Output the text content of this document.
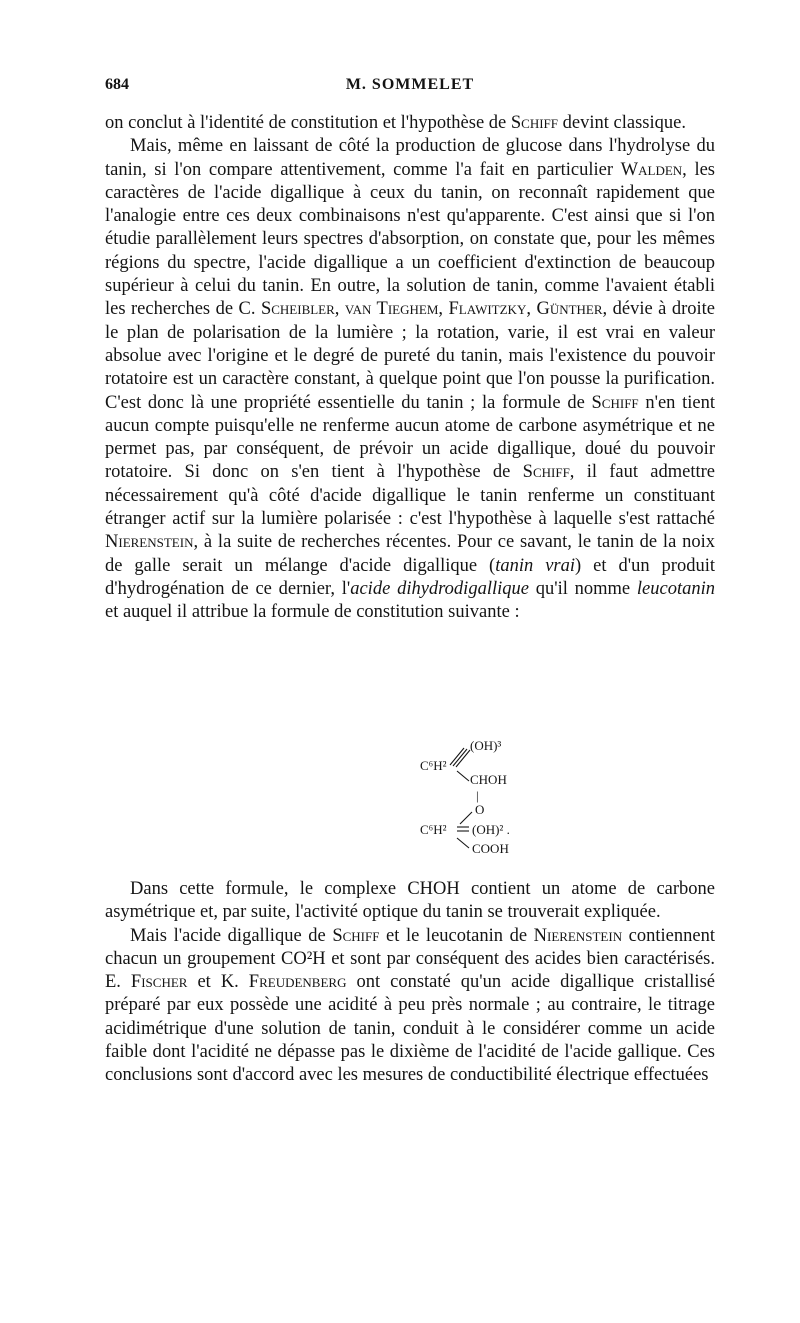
684	M. SOMMELET

on conclut à l'identité de constitution et l'hypothèse de Schiff devint classique.

Mais, même en laissant de côté la production de glucose dans l'hydrolyse du tanin, si l'on compare attentivement, comme l'a fait en particulier Walden, les caractères de l'acide digallique à ceux du tanin, on reconnaît rapidement que l'analogie entre ces deux combinaisons n'est qu'apparente. C'est ainsi que si l'on étudie parallèlement leurs spectres d'absorption, on constate que, pour les mêmes régions du spectre, l'acide digallique a un coefficient d'extinction de beaucoup supérieur à celui du tanin. En outre, la solution de tanin, comme l'avaient établi les recherches de C. Scheibler, van Tieghem, Flawitzky, Günther, dévie à droite le plan de polarisation de la lumière ; la rotation, varie, il est vrai en valeur absolue avec l'origine et le degré de pureté du tanin, mais l'existence du pouvoir rotatoire est un caractère constant, à quelque point que l'on pousse la purification. C'est donc là une propriété essentielle du tanin ; la formule de Schiff n'en tient aucun compte puisqu'elle ne renferme aucun atome de carbone asymétrique et ne permet pas, par conséquent, de prévoir un acide digallique, doué du pouvoir rotatoire. Si donc on s'en tient à l'hypothèse de Schiff, il faut admettre nécessairement qu'à côté d'acide digallique le tanin renferme un constituant étranger actif sur la lumière polarisée : c'est l'hypothèse à laquelle s'est rattaché Nierenstein, à la suite de recherches récentes. Pour ce savant, le tanin de la noix de galle serait un mélange d'acide digallique (tanin vrai) et d'un produit d'hydrogénation de ce dernier, l'acide dihydrodigallique qu'il nomme leucotanin et auquel il attribue la formule de constitution suivante :

C⁶H²
(OH)³
CHOH
|
O
C⁶H² (OH)² .
COOH

Dans cette formule, le complexe CHOH contient un atome de carbone asymétrique et, par suite, l'activité optique du tanin se trouverait expliquée.

Mais l'acide digallique de Schiff et le leucotanin de Nierenstein contiennent chacun un groupement CO²H et sont par conséquent des acides bien caractérisés. E. Fischer et K. Freudenberg ont constaté qu'un acide digallique cristallisé préparé par eux possède une acidité à peu près normale ; au contraire, le titrage acidimétrique d'une solution de tanin, conduit à le considérer comme un acide faible dont l'acidité ne dépasse pas le dixième de l'acidité de l'acide gallique. Ces conclusions sont d'accord avec les mesures de conductibilité électrique effectuées
